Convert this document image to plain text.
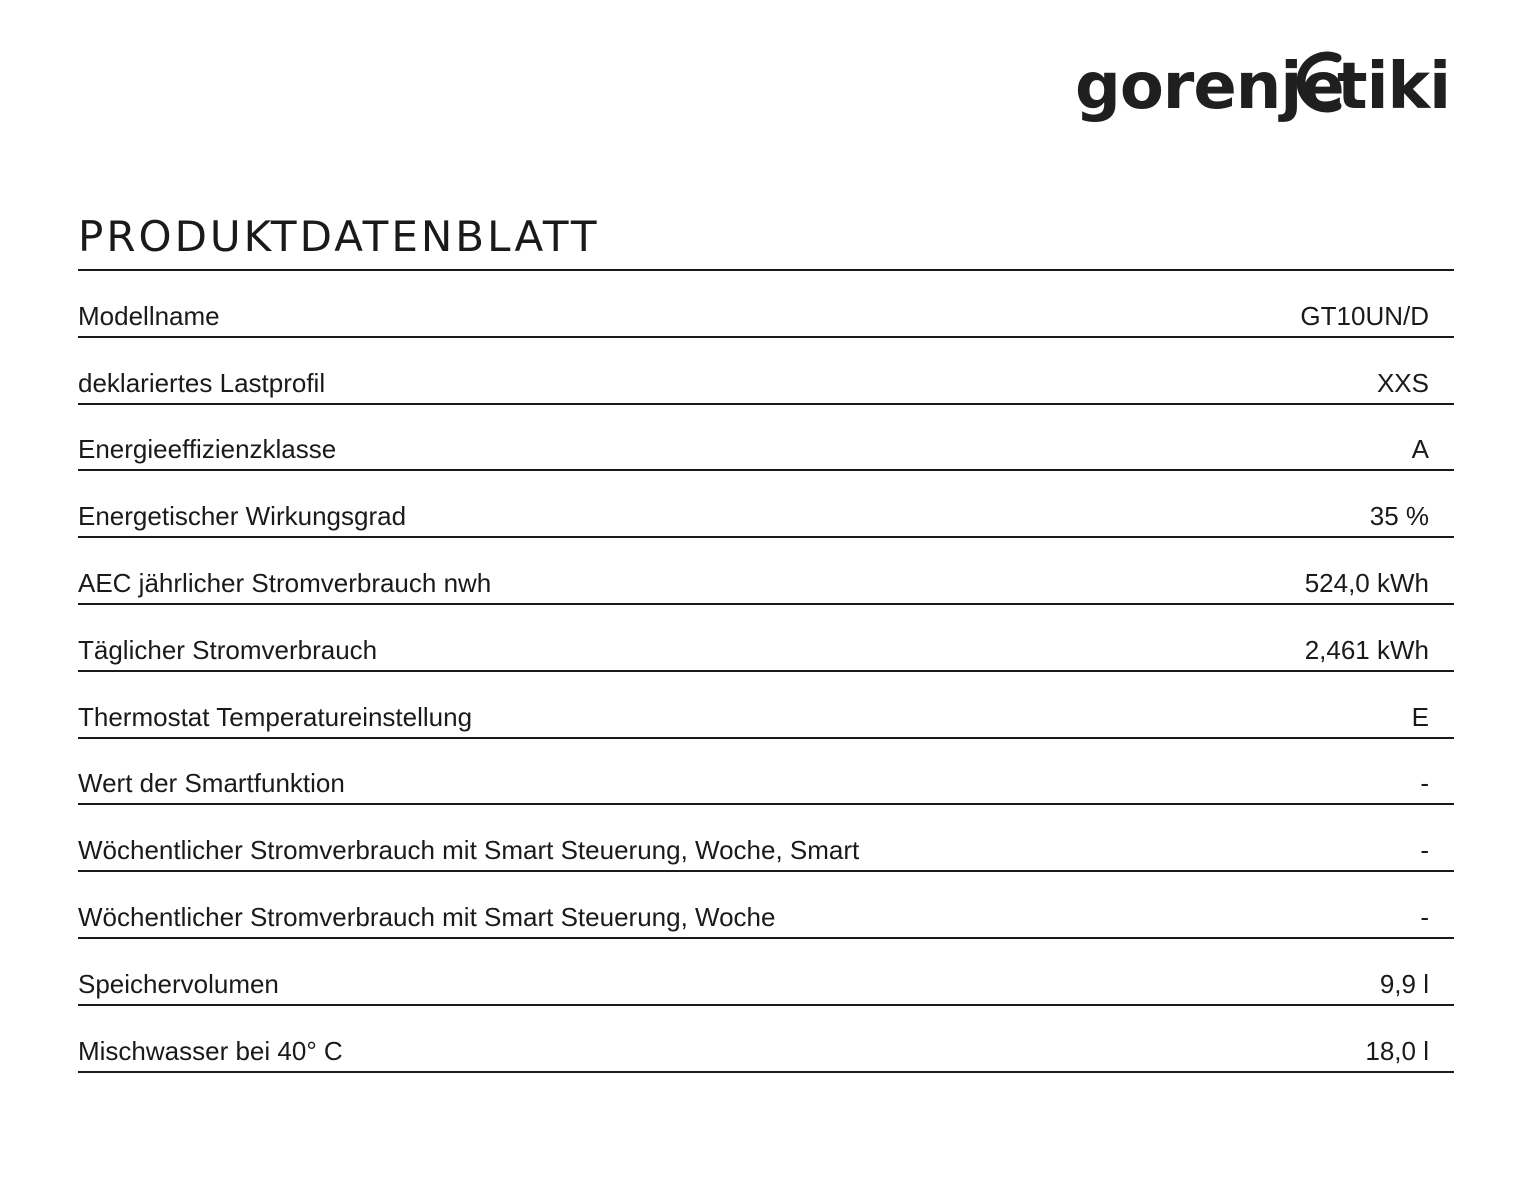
gorenje
tiki
PRODUKTDATENBLATT
Modellname	GT10UN/D
deklariertes Lastprofil	XXS
Energieeffizienzklasse	A
Energetischer Wirkungsgrad	35 %
AEC jährlicher Stromverbrauch nwh	524,0 kWh
Täglicher Stromverbrauch	2,461 kWh
Thermostat Temperatureinstellung	E
Wert der Smartfunktion	-
Wöchentlicher Stromverbrauch mit Smart Steuerung, Woche, Smart	-
Wöchentlicher Stromverbrauch mit Smart Steuerung, Woche	-
Speichervolumen	9,9 l
Mischwasser bei 40° C	18,0 l
